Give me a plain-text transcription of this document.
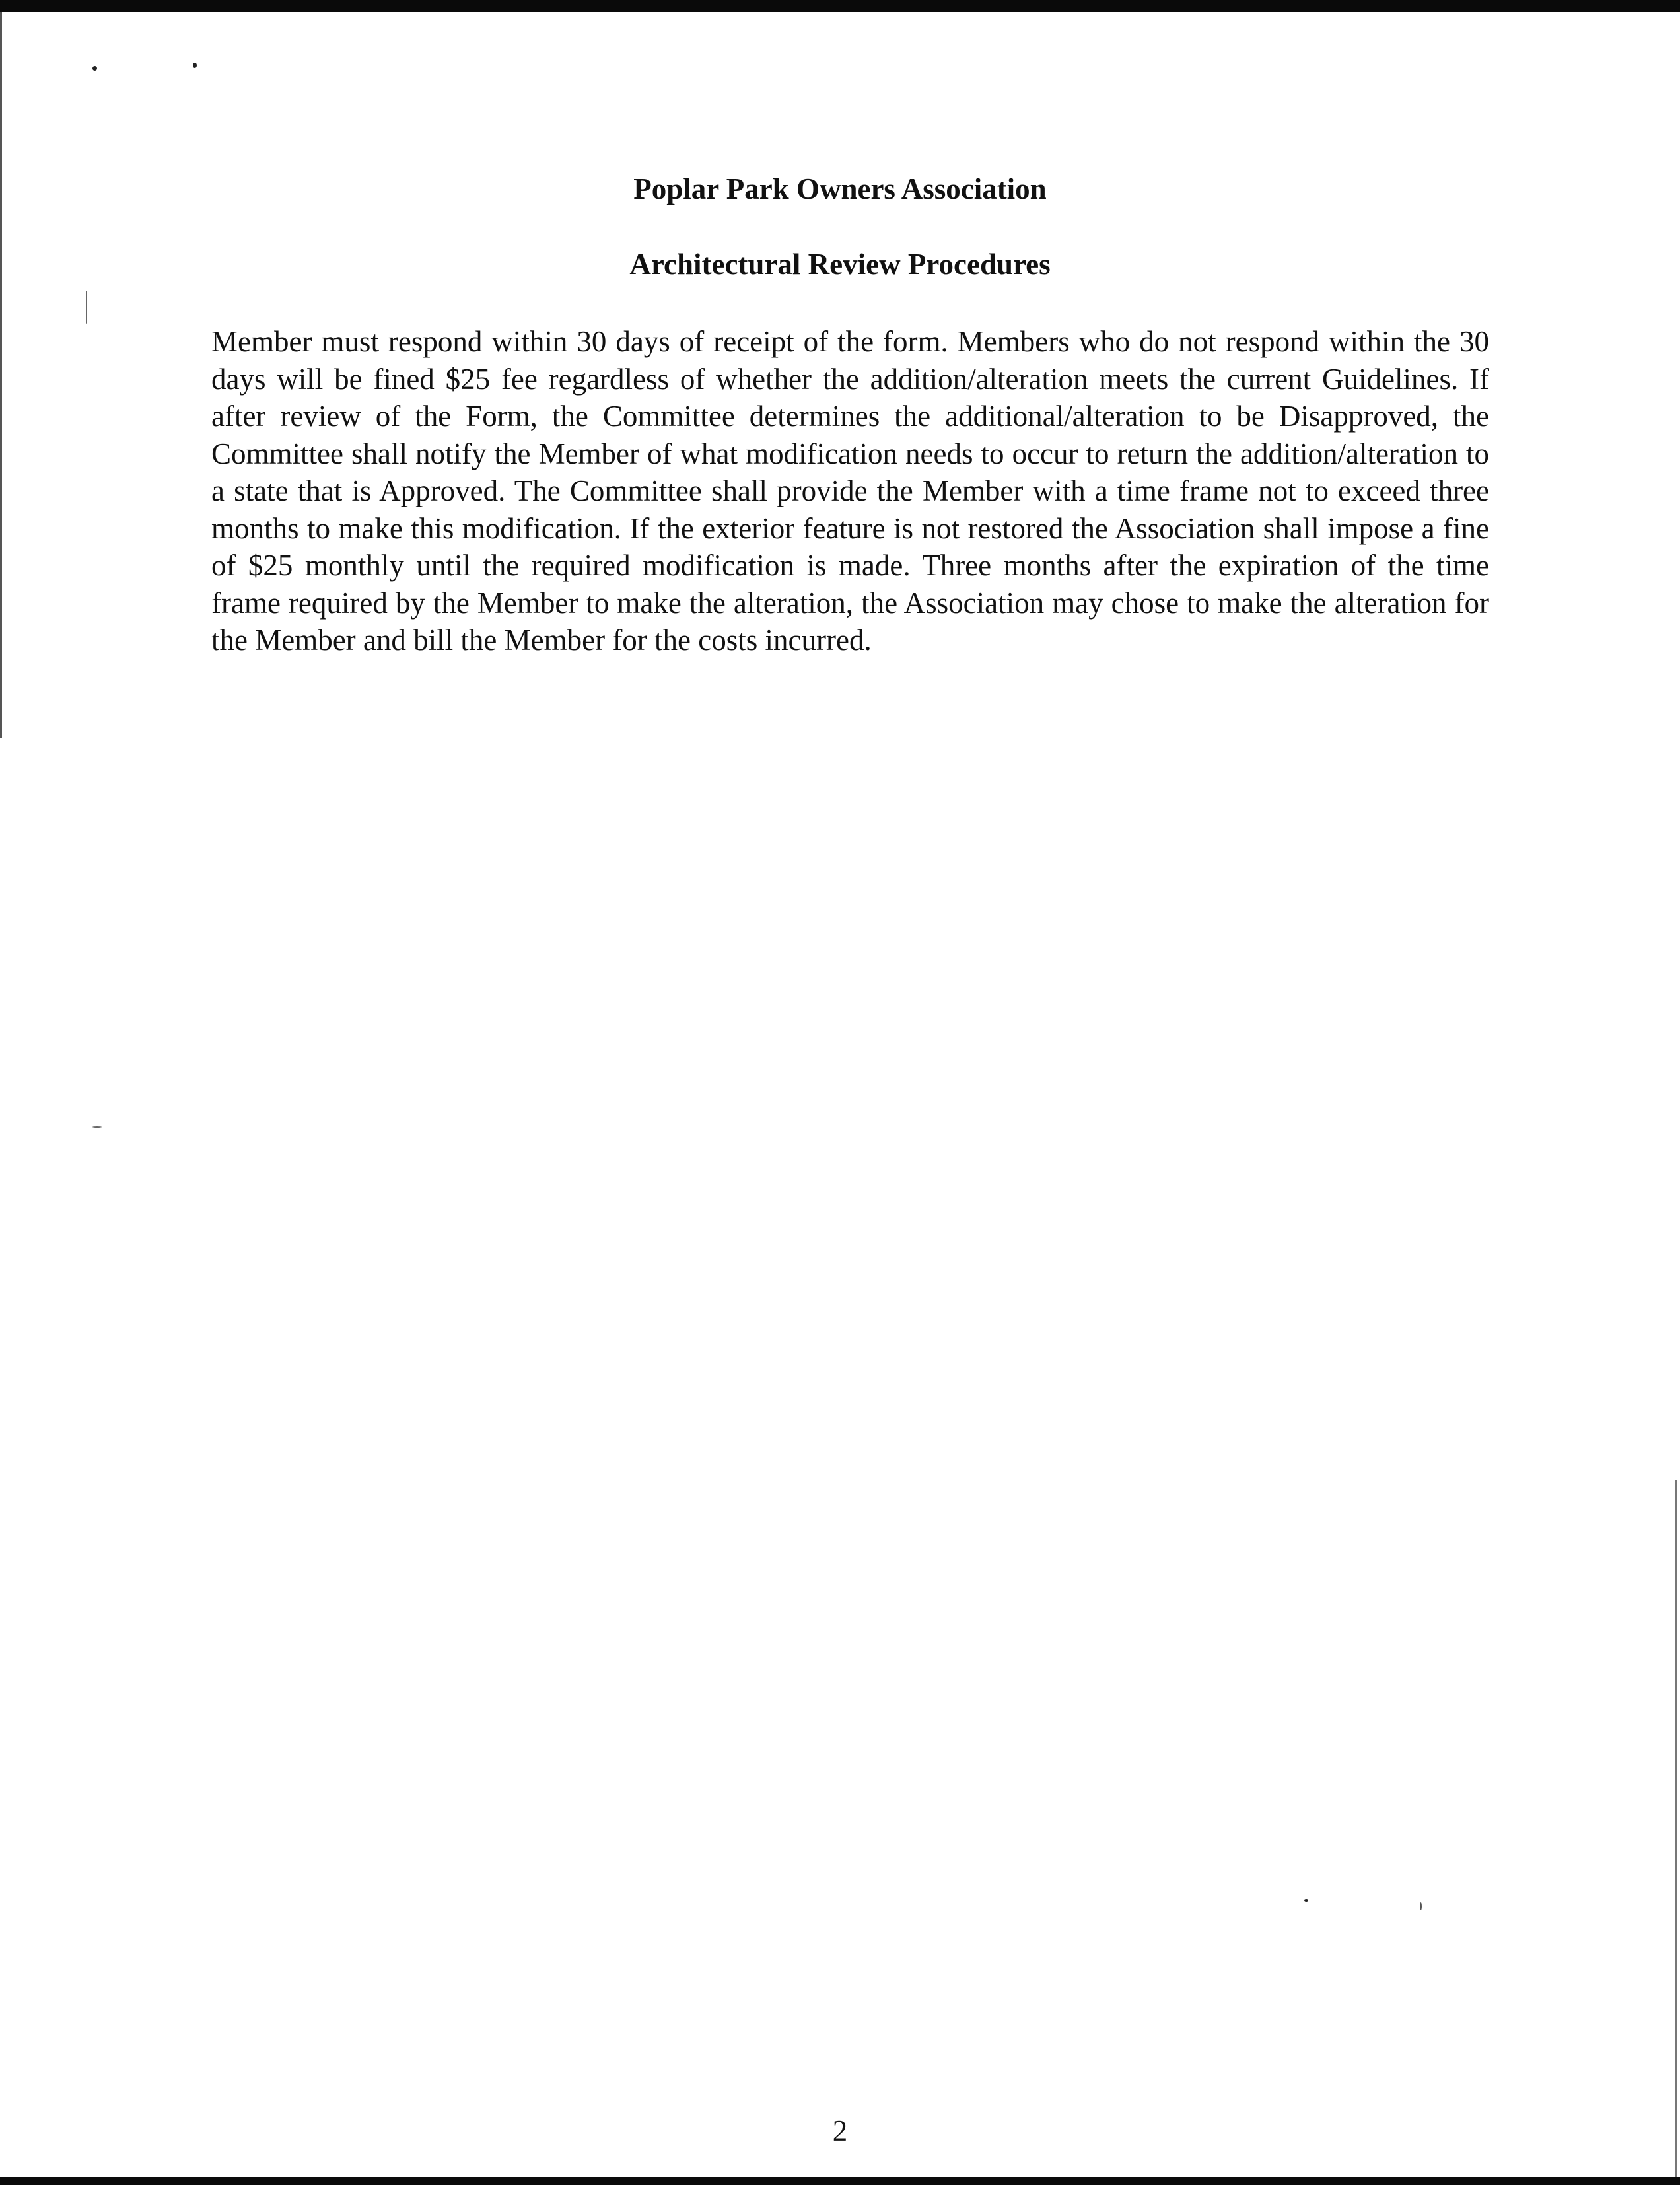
Poplar Park Owners Association
Architectural Review Procedures

Member must respond within 30 days of receipt of the form. Members who do not respond within the 30 days will be fined $25 fee regardless of whether the addition/alteration meets the current Guidelines. If after review of the Form, the Committee determines the additional/alteration to be Disapproved, the Committee shall notify the Member of what modification needs to occur to return the addition/alteration to a state that is Approved. The Committee shall provide the Member with a time frame not to exceed three months to make this modification. If the exterior feature is not restored the Association shall impose a fine of $25 monthly until the required modification is made. Three months after the expiration of the time frame required by the Member to make the alteration, the Association may chose to make the alteration for the Member and bill the Member for the costs incurred.

2
